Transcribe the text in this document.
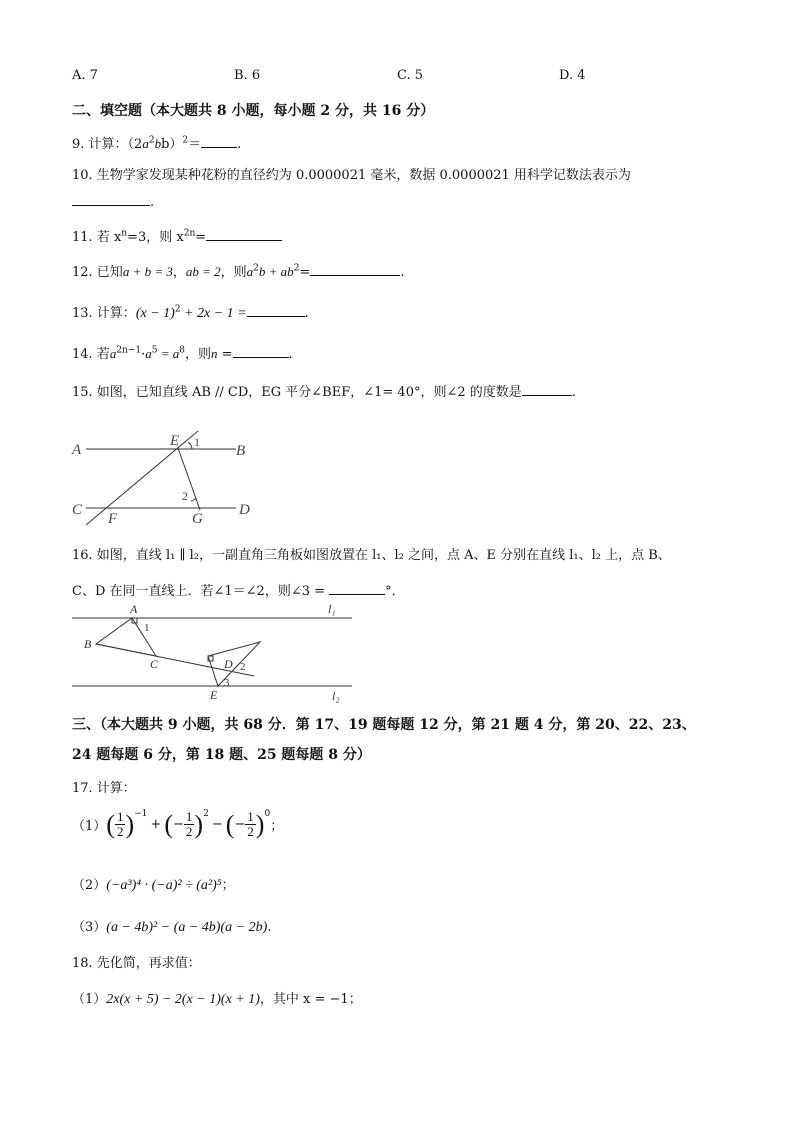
A. 7	B. 6	C. 5	D. 4
二、填空题（本大题共 8 小题，每小题 2 分，共 16 分）
9. 计算：$(2a^2bb)^2=$	.
10. 生物学家发现某种花粉的直径约为 0.0000021 毫米，数据 0.0000021 用科学记数法表示为
.
11. 若 $x^n=3$，则 $x^{2n}=$
12. 已知a + b = 3，ab = 2，则$a^2b + ab^2=$	.
13. 计算：$(x - 1)^2 + 2x - 1$ =	.
14. 若$a^{2n-1}\cdot a^5 = a^8$，则n =	.
15. 如图，已知直线 AB // CD，EG 平分∠BEF，∠1= 40°，则∠2 的度数是	.
A	B
C	D
E
F	G
1
2
16. 如图，直线 l₁ ∥ l₂，一副直角三角板如图放置在 l₁、l₂ 之间，点 A、E 分别在直线 l₁、l₂ 上，点 B、
C、D 在同一直线上．若∠1＝∠2，则∠3 =	°．
A
B
C	D
E
1
2
3
l₁
l₂
三、（本大题共 9 小题，共 68 分．第 17、19 题每题 12 分，第 21 题 4 分，第 20、22、23、
24 题每题 6 分，第 18 题、25 题每题 8 分）
17. 计算：
（1） ( $\frac{1}{2}$ ) −1
+ ( − $\frac{1}{2}$ ) 2
− ( − $\frac{1}{2}$ ) 0
；
（2）(−a³)⁴ · (−a)² ÷ (a²)⁵；
（3）(a − 4b)² − (a − 4b)(a − 2b).
18. 先化简，再求值：
（1）2x(x + 5) − 2(x − 1)(x + 1)，其中 x = −1；
